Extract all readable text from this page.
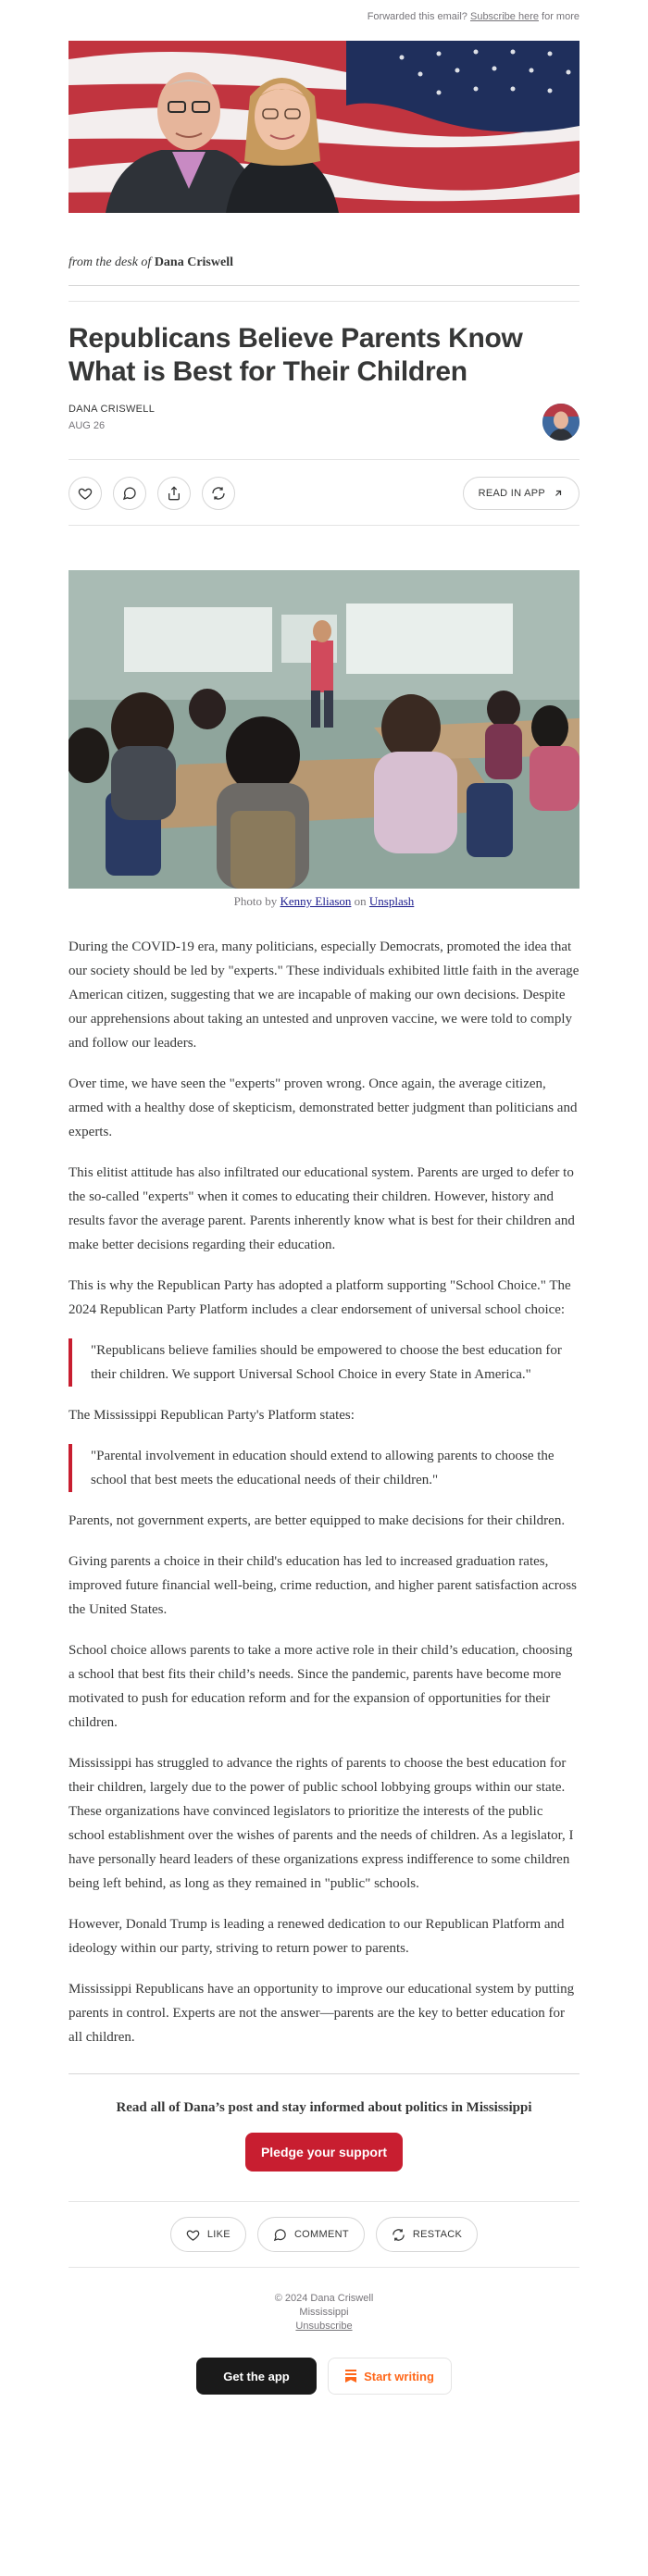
Forwarded this email? Subscribe here for more
from the desk of Dana Criswell
Republicans Believe Parents Know What is Best for Their Children
DANA CRISWELL
AUG 26
READ IN APP
Photo by Kenny Eliason on Unsplash

During the COVID-19 era, many politicians, especially Democrats, promoted the idea that our society should be led by "experts." These individuals exhibited little faith in the average American citizen, suggesting that we are incapable of making our own decisions. Despite our apprehensions about taking an untested and unproven vaccine, we were told to comply and follow our leaders.

Over time, we have seen the "experts" proven wrong. Once again, the average citizen, armed with a healthy dose of skepticism, demonstrated better judgment than politicians and experts.

This elitist attitude has also infiltrated our educational system. Parents are urged to defer to the so-called "experts" when it comes to educating their children. However, history and results favor the average parent. Parents inherently know what is best for their children and make better decisions regarding their education.

This is why the Republican Party has adopted a platform supporting "School Choice." The 2024 Republican Party Platform includes a clear endorsement of universal school choice:

"Republicans believe families should be empowered to choose the best education for their children. We support Universal School Choice in every State in America."

The Mississippi Republican Party's Platform states:

"Parental involvement in education should extend to allowing parents to choose the school that best meets the educational needs of their children."

Parents, not government experts, are better equipped to make decisions for their children.

Giving parents a choice in their child's education has led to increased graduation rates, improved future financial well-being, crime reduction, and higher parent satisfaction across the United States.

School choice allows parents to take a more active role in their child’s education, choosing a school that best fits their child’s needs. Since the pandemic, parents have become more motivated to push for education reform and for the expansion of opportunities for their children.

Mississippi has struggled to advance the rights of parents to choose the best education for their children, largely due to the power of public school lobbying groups within our state. These organizations have convinced legislators to prioritize the interests of the public school establishment over the wishes of parents and the needs of children. As a legislator, I have personally heard leaders of these organizations express indifference to some children being left behind, as long as they remained in "public" schools.

However, Donald Trump is leading a renewed dedication to our Republican Platform and ideology within our party, striving to return power to parents.

Mississippi Republicans have an opportunity to improve our educational system by putting parents in control. Experts are not the answer—parents are the key to better education for all children.

Read all of Dana’s post and stay informed about politics in Mississippi
Pledge your support
LIKE	COMMENT	RESTACK
© 2024 Dana Criswell
Mississippi
Unsubscribe
Get the app	Start writing
